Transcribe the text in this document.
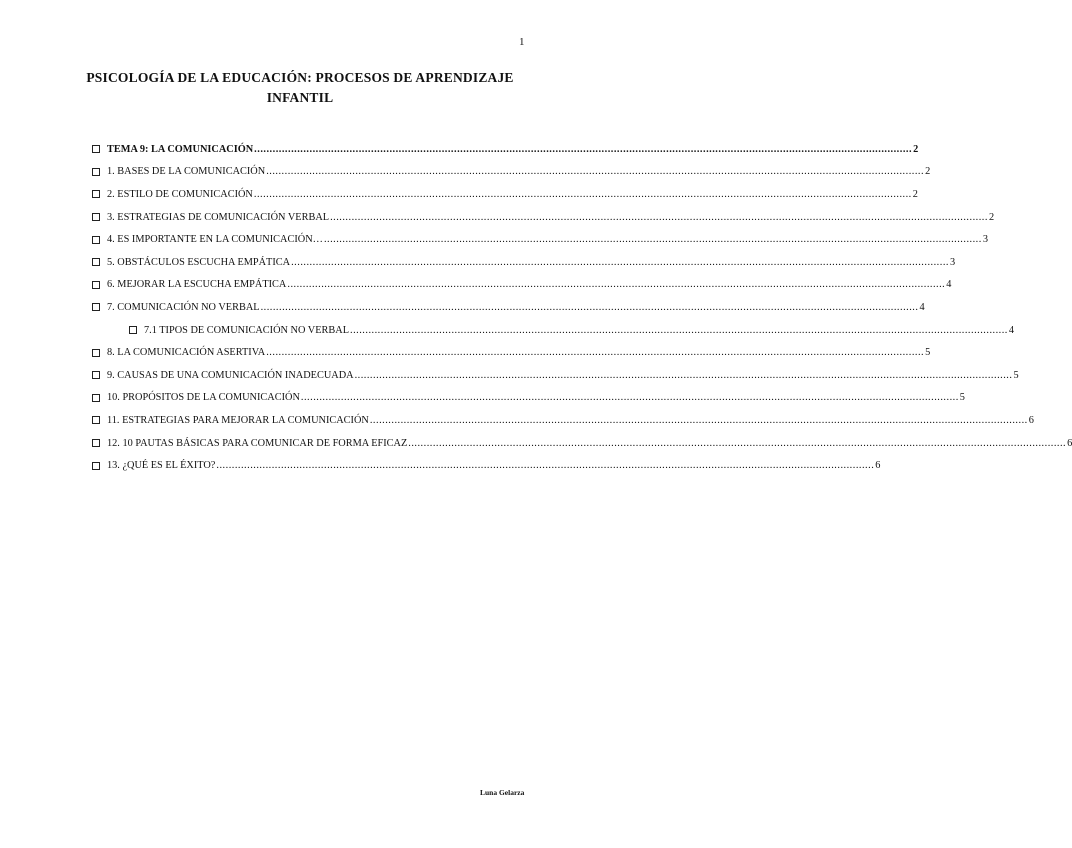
1
PSICOLOGÍA DE LA EDUCACIÓN: PROCESOS DE APRENDIZAJE
INFANTIL
TEMA 9: LA COMUNICACIÓN .....	2
1. BASES DE LA COMUNICACIÓN .....	2
2. ESTILO DE COMUNICACIÓN .....	2
3. ESTRATEGIAS DE COMUNICACIÓN VERBAL .....	2
4. ES IMPORTANTE EN LA COMUNICACIÓN… .....	3
5. OBSTÁCULOS ESCUCHA EMPÁTICA .....	3
6. MEJORAR LA ESCUCHA EMPÁTICA .....	4
7. COMUNICACIÓN NO VERBAL .....	4
7.1 TIPOS DE COMUNICACIÓN NO VERBAL .....	4
8. LA COMUNICACIÓN ASERTIVA .....	5
9. CAUSAS DE UNA COMUNICACIÓN INADECUADA .....	5
10. PROPÓSITOS DE LA COMUNICACIÓN .....	5
11. ESTRATEGIAS PARA MEJORAR LA COMUNICACIÓN .....	6
12. 10 PAUTAS BÁSICAS PARA COMUNICAR DE FORMA EFICAZ .....	6
13. ¿QUÉ ES EL ÉXITO? .....	6
Luna Gelarza
